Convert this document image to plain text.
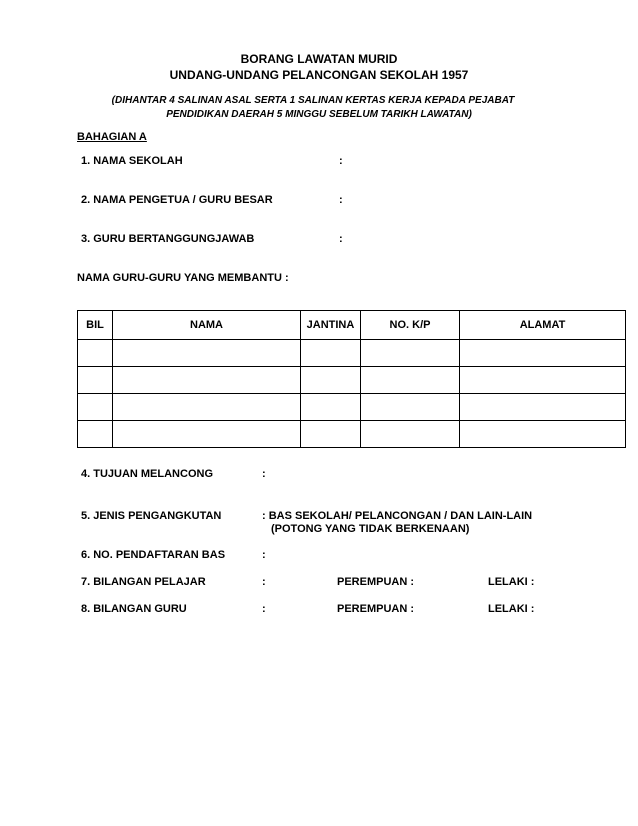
BORANG LAWATAN MURID
UNDANG-UNDANG PELANCONGAN SEKOLAH 1957
(DIHANTAR 4 SALINAN ASAL SERTA 1 SALINAN KERTAS KERJA KEPADA PEJABAT
PENDIDIKAN DAERAH 5 MINGGU SEBELUM TARIKH LAWATAN)
BAHAGIAN A
1. NAMA SEKOLAH	:
2. NAMA PENGETUA / GURU BESAR	:
3. GURU BERTANGGUNGJAWAB	:
NAMA GURU-GURU YANG MEMBANTU :
BIL	NAMA	JANTINA	NO. K/P	ALAMAT

4. TUJUAN MELANCONG	:
5. JENIS PENGANGKUTAN	: BAS SEKOLAH/ PELANCONGAN / DAN LAIN-LAIN
(POTONG YANG TIDAK BERKENAAN)
6. NO. PENDAFTARAN BAS	:
7. BILANGAN PELAJAR	:	PEREMPUAN :	LELAKI :
8. BILANGAN GURU	:	PEREMPUAN :	LELAKI :
